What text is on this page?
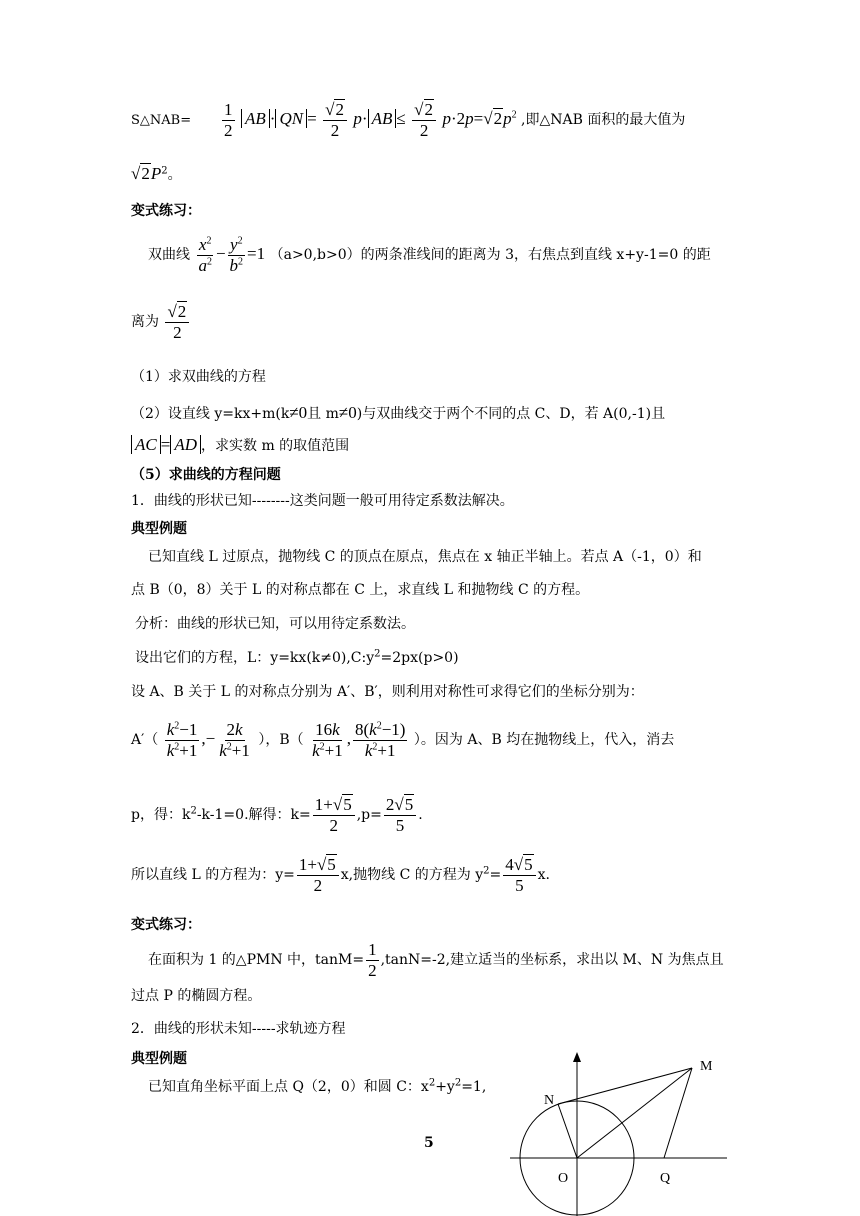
S△NAB= $\frac{1}{2}$ AB · QN = $\frac{√2}{2} p\cdot$ AB ≤ $\frac{√2}{2} p\cdot 2p=√2p^2$ ,即△NAB 面积的最大值为
$√2P^2$。
变式练习：
双曲线 $\frac{x^2}{a^2} - \frac{y^2}{b^2} =1$ （a>0,b>0）的两条准线间的距离为 3，右焦点到直线 x+y-1=0 的距
离为 $\frac{√2}{2}$
（1）求双曲线的方程
（2）设直线 y=kx+m(k≠0且 m≠0)与双曲线交于两个不同的点 C、D，若 A(0,-1)且
AC = AD ，求实数 m 的取值范围
（5）求曲线的方程问题
1．曲线的形状已知--------这类问题一般可用待定系数法解决。
典型例题
已知直线 L 过原点，抛物线 C 的顶点在原点，焦点在 x 轴正半轴上。若点 A（-1，0）和
点 B（0，8）关于 L 的对称点都在 C 上，求直线 L 和抛物线 C 的方程。
分析：曲线的形状已知，可以用待定系数法。
设出它们的方程，L：$y=kx(k\ne 0),C:y^2=2px(p>0)$
设 A、B 关于 L 的对称点分别为 A′、B′，则利用对称性可求得它们的坐标分别为：
$A'( \frac{k^2-1}{k^2+1}$ ,− $\frac{2k}{k^2+1}$ ），$B( \frac{16k}{k^2+1}$ , $\frac{8(k^2-1)}{k^2+1}$ ）。因为 A、B 均在抛物线上，代入，消去
p，得：$k^2-k-1=0$.解得：$k= \frac{1+√5}{2} ,p= \frac{2√5}{5}$ .
所以直线 L 的方程为：$y= \frac{1+√5}{2} x$,抛物线 C 的方程为 $y^2= \frac{4√5}{5} x$.
变式练习：
在面积为 1 的△PMN 中，$\tan M= \frac{1}{2} ,\tan N=-2$,建立适当的坐标系，求出以 M、N 为焦点且
过点 P 的椭圆方程。
2．曲线的形状未知-----求轨迹方程
典型例题
已知直角坐标平面上点 Q（2，0）和圆 C：$x^2+y^2=1$,
5
M
N
O	Q
